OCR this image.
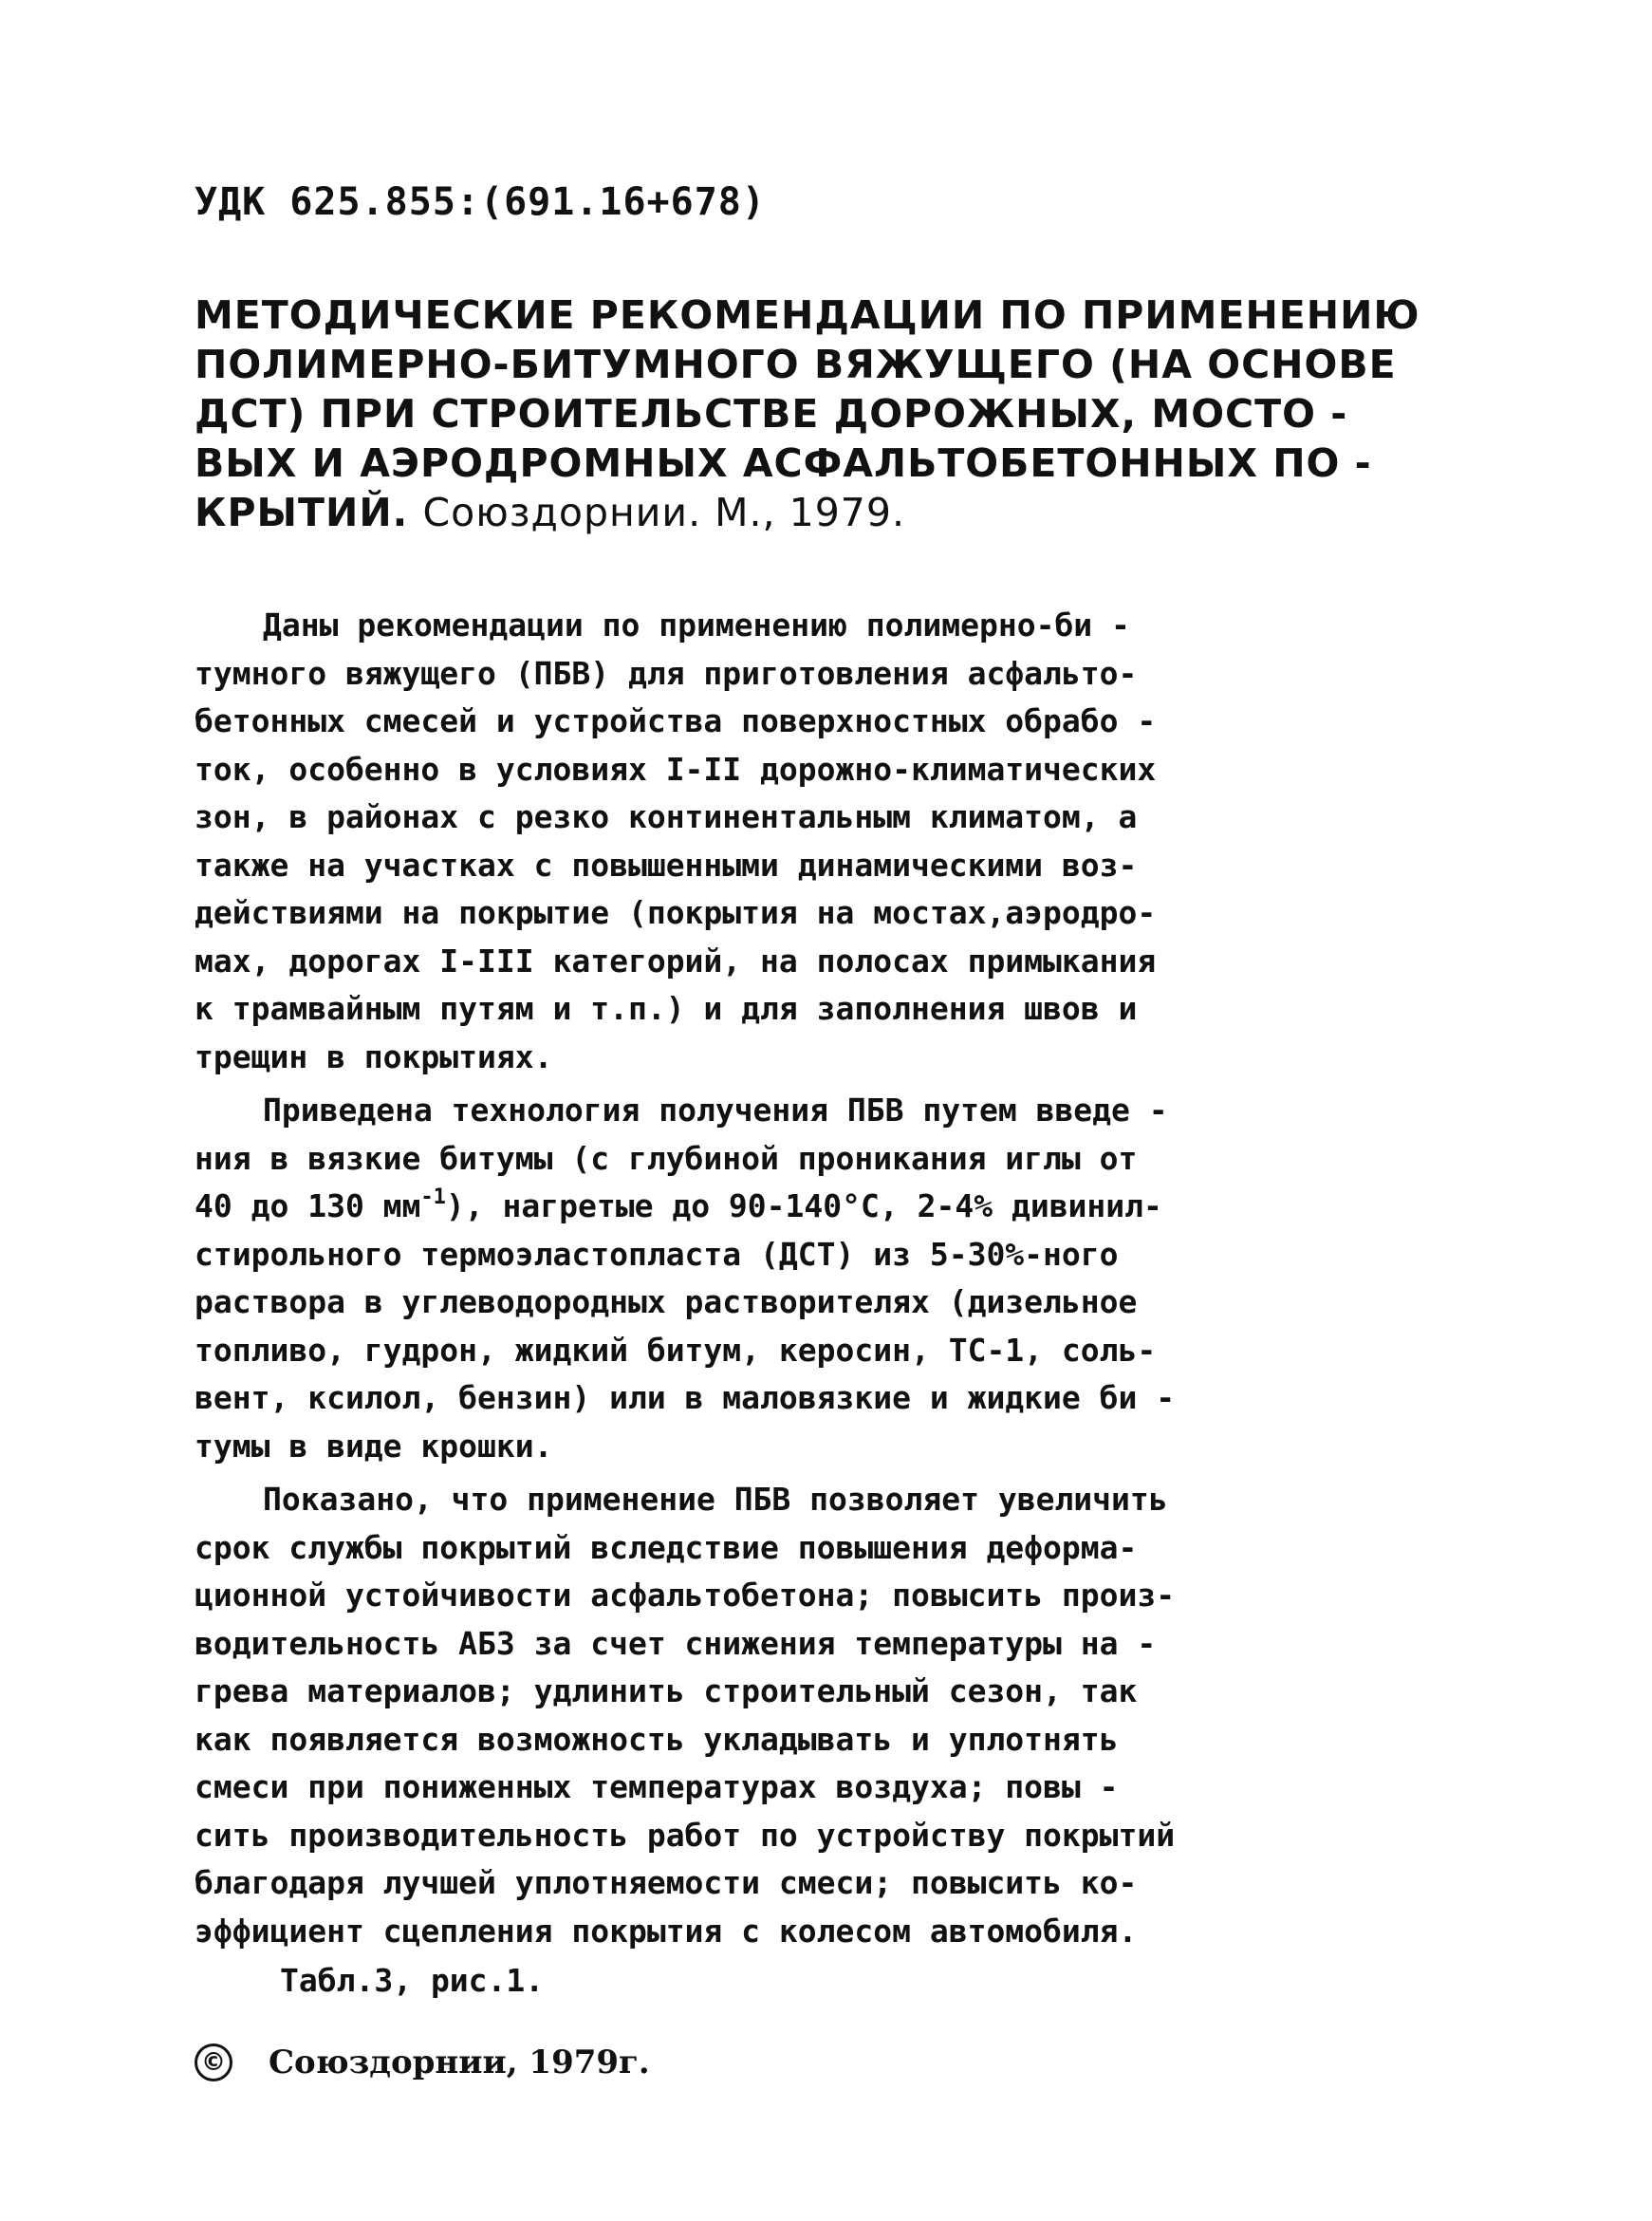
УДК 625.855:(691.16+678)
МЕТОДИЧЕСКИЕ РЕКОМЕНДАЦИИ ПО ПРИМЕНЕНИЮ
ПОЛИМЕРНО-БИТУМНОГО ВЯЖУЩЕГО (НА ОСНОВЕ
ДСТ) ПРИ СТРОИТЕЛЬСТВЕ ДОРОЖНЫХ, МОСТО -
ВЫХ И АЭРОДРОМНЫХ АСФАЛЬТОБЕТОННЫХ ПО -
КРЫТИЙ. Союздорнии. М., 1979.

Даны рекомендации по применению полимерно-би -
тумного вяжущего (ПБВ) для приготовления асфальто-
бетонных смесей и устройства поверхностных обрабо -
ток, особенно в условиях I-II дорожно-климатических
зон, в районах с резко континентальным климатом, а
также на участках с повышенными динамическими воз-
действиями на покрытие (покрытия на мостах,аэродро-
мах, дорогах I-III категорий, на полосах примыкания
к трамвайным путям и т.п.) и для заполнения швов и
трещин в покрытиях.

Приведена технология получения ПБВ путем введе -
ния в вязкие битумы (с глубиной проникания иглы от
40 до 130 $мм^{-1}$), нагретые до 90-140°С, 2-4% дивинил-
стирольного термоэластопласта (ДСТ) из 5-30%-ного
раствора в углеводородных растворителях (дизельное
топливо, гудрон, жидкий битум, керосин, ТС-1, соль-
вент, ксилол, бензин) или в маловязкие и жидкие би -
тумы в виде крошки.

Показано, что применение ПБВ позволяет увеличить
срок службы покрытий вследствие повышения деформа-
ционной устойчивости асфальтобетона; повысить произ-
водительность АБЗ за счет снижения температуры на -
грева материалов; удлинить строительный сезон, так
как появляется возможность укладывать и уплотнять
смеси при пониженных температурах воздуха; повы -
сить производительность работ по устройству покрытий
благодаря лучшей уплотняемости смеси; повысить ко-
эффициент сцепления покрытия с колесом автомобиля.
Табл.3, рис.1.

© Союздорнии, 1979г.
